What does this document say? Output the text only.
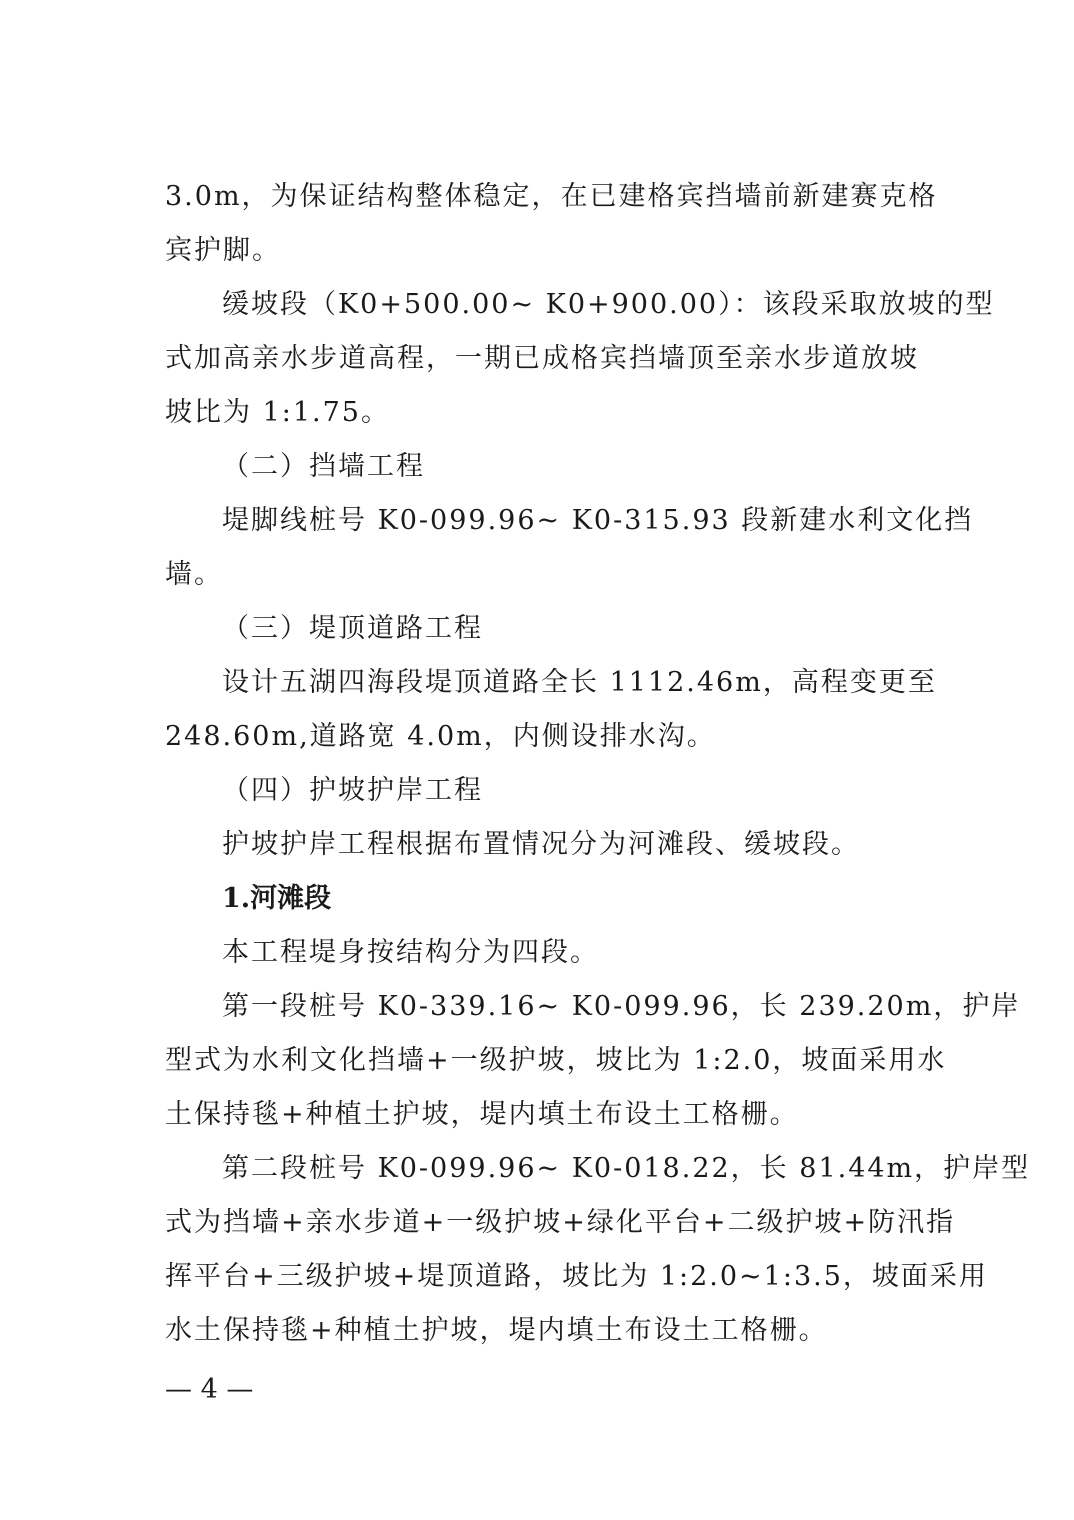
3.0m，为保证结构整体稳定，在已建格宾挡墙前新建赛克格
宾护脚。
缓坡段（K0+500.00~ K0+900.00）：该段采取放坡的型
式加高亲水步道高程，一期已成格宾挡墙顶至亲水步道放坡
坡比为 1:1.75。
（二）挡墙工程
堤脚线桩号 K0-099.96~ K0-315.93 段新建水利文化挡
墙。
（三）堤顶道路工程
设计五湖四海段堤顶道路全长 1112.46m，高程变更至
248.60m,道路宽 4.0m，内侧设排水沟。
（四）护坡护岸工程
护坡护岸工程根据布置情况分为河滩段、缓坡段。
1.河滩段
本工程堤身按结构分为四段。
第一段桩号 K0-339.16~ K0-099.96，长 239.20m，护岸
型式为水利文化挡墙+一级护坡，坡比为 1:2.0，坡面采用水
土保持毯+种植土护坡，堤内填土布设土工格栅。
第二段桩号 K0-099.96~ K0-018.22，长 81.44m，护岸型
式为挡墙+亲水步道+一级护坡+绿化平台+二级护坡+防汛指
挥平台+三级护坡+堤顶道路，坡比为 1:2.0~1:3.5，坡面采用
水土保持毯+种植土护坡，堤内填土布设土工格栅。
— 4 —
